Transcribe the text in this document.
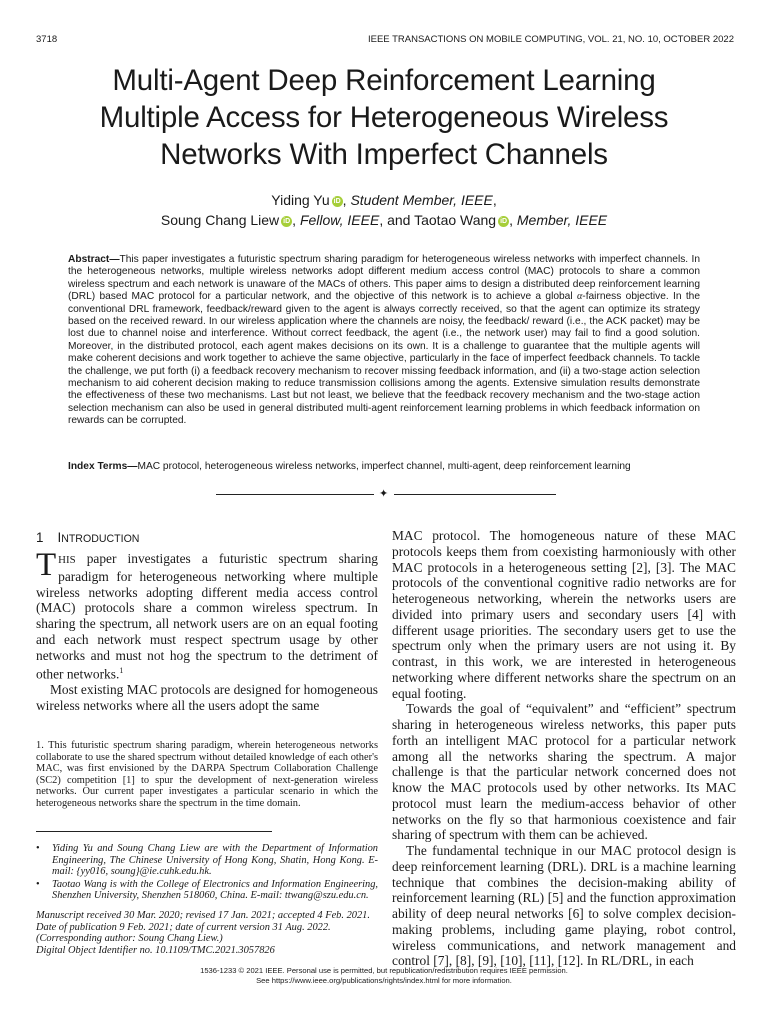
3718	IEEE TRANSACTIONS ON MOBILE COMPUTING, VOL. 21, NO. 10, OCTOBER 2022
Multi-Agent Deep Reinforcement Learning
Multiple Access for Heterogeneous Wireless
Networks With Imperfect Channels
Yiding Yu iD , Student Member, IEEE,
Soung Chang Liew iD , Fellow, IEEE, and Taotao Wang iD , Member, IEEE
Abstract—This paper investigates a futuristic spectrum sharing paradigm for heterogeneous wireless networks with imperfect channels. In the heterogeneous networks, multiple wireless networks adopt different medium access control (MAC) protocols to share a common wireless spectrum and each network is unaware of the MACs of others. This paper aims to design a distributed deep reinforcement learning (DRL) based MAC protocol for a particular network, and the objective of this network is to achieve a global α-fairness objective. In the conventional DRL framework, feedback/reward given to the agent is always correctly received, so that the agent can optimize its strategy based on the received reward. In our wireless application where the channels are noisy, the feedback/ reward (i.e., the ACK packet) may be lost due to channel noise and interference. Without correct feedback, the agent (i.e., the network user) may fail to find a good solution. Moreover, in the distributed protocol, each agent makes decisions on its own. It is a challenge to guarantee that the multiple agents will make coherent decisions and work together to achieve the same objective, particularly in the face of imperfect feedback channels. To tackle the challenge, we put forth (i) a feedback recovery mechanism to recover missing feedback information, and (ii) a two-stage action selection mechanism to aid coherent decision making to reduce transmission collisions among the agents. Extensive simulation results demonstrate the effectiveness of these two mechanisms. Last but not least, we believe that the feedback recovery mechanism and the two-stage action selection mechanism can also be used in general distributed multi-agent reinforcement learning problems in which feedback information on rewards can be corrupted.
Index Terms—MAC protocol, heterogeneous wireless networks, imperfect channel, multi-agent, deep reinforcement learning
✦
1 INTRODUCTION

THIS paper investigates a futuristic spectrum sharing paradigm for heterogeneous networking where multiple wireless networks adopting different media access control (MAC) protocols share a common wireless spectrum. In sharing the spectrum, all network users are on an equal footing and each network must respect spectrum usage by other networks and must not hog the spectrum to the detriment of other networks.$^1$

Most existing MAC protocols are designed for homogeneous wireless networks where all the users adopt the same

1. This futuristic spectrum sharing paradigm, wherein heterogeneous networks collaborate to use the shared spectrum without detailed knowledge of each other's MAC, was first envisioned by the DARPA Spectrum Collaboration Challenge (SC2) competition [1] to spur the development of next-generation wireless networks. Our current paper investigates a particular scenario in which the heterogeneous networks share the spectrum in the time domain.
• Yiding Yu and Soung Chang Liew are with the Department of Information Engineering, The Chinese University of Hong Kong, Shatin, Hong Kong. E-mail: {yy016, soung}@ie.cuhk.edu.hk.
• Taotao Wang is with the College of Electronics and Information Engineering, Shenzhen University, Shenzhen 518060, China. E-mail: ttwang@szu.edu.cn.
Manuscript received 30 Mar. 2020; revised 17 Jan. 2021; accepted 4 Feb. 2021.
Date of publication 9 Feb. 2021; date of current version 31 Aug. 2022.
(Corresponding author: Soung Chang Liew.)
Digital Object Identifier no. 10.1109/TMC.2021.3057826

MAC protocol. The homogeneous nature of these MAC protocols keeps them from coexisting harmoniously with other MAC protocols in a heterogeneous setting [2], [3]. The MAC protocols of the conventional cognitive radio networks are for heterogeneous networking, wherein the networks users are divided into primary users and secondary users [4] with different usage priorities. The secondary users get to use the spectrum only when the primary users are not using it. By contrast, in this work, we are interested in heterogeneous networking where different networks share the spectrum on an equal footing.

Towards the goal of “equivalent” and “efficient” spectrum sharing in heterogeneous wireless networks, this paper puts forth an intelligent MAC protocol for a particular network among all the networks sharing the spectrum. A major challenge is that the particular network concerned does not know the MAC protocols used by other networks. Its MAC protocol must learn the medium-access behavior of other networks on the fly so that harmonious coexistence and fair sharing of spectrum with them can be achieved.

The fundamental technique in our MAC protocol design is deep reinforcement learning (DRL). DRL is a machine learning technique that combines the decision-making ability of reinforcement learning (RL) [5] and the function approximation ability of deep neural networks [6] to solve complex decision-making problems, including game playing, robot control, wireless communications, and network management and control [7], [8], [9], [10], [11], [12]. In RL/DRL, in each

1536-1233 © 2021 IEEE. Personal use is permitted, but republication/redistribution requires IEEE permission.
See https://www.ieee.org/publications/rights/index.html for more information.
